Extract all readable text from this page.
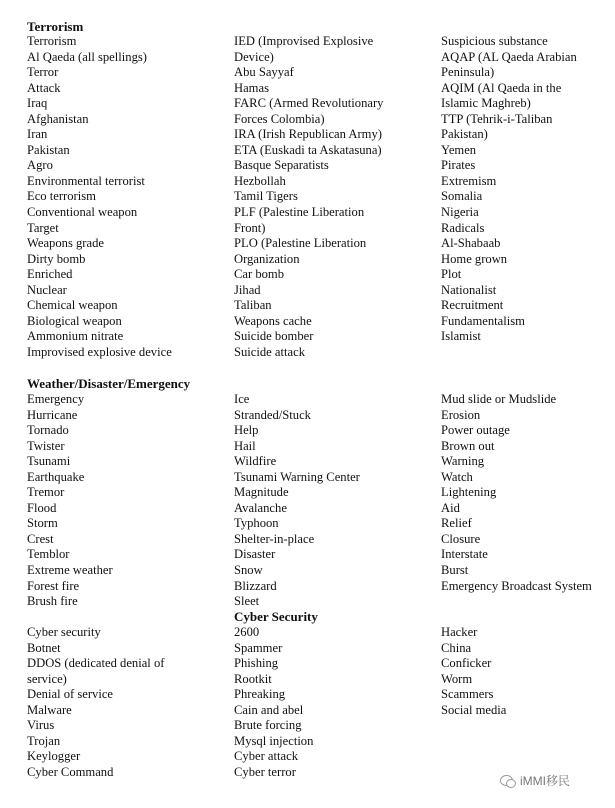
Terrorism
Terrorism
Al Qaeda (all spellings)
Terror
Attack
Iraq
Afghanistan
Iran
Pakistan
Agro
Environmental terrorist
Eco terrorism
Conventional weapon
Target
Weapons grade
Dirty bomb
Enriched
Nuclear
Chemical weapon
Biological weapon
Ammonium nitrate
Improvised explosive device
IED (Improvised Explosive
Device)
Abu Sayyaf
Hamas
FARC (Armed Revolutionary
Forces Colombia)
IRA (Irish Republican Army)
ETA (Euskadi ta Askatasuna)
Basque Separatists
Hezbollah
Tamil Tigers
PLF (Palestine Liberation
Front)
PLO (Palestine Liberation
Organization
Car bomb
Jihad
Taliban
Weapons cache
Suicide bomber
Suicide attack
Suspicious substance
AQAP (AL Qaeda Arabian
Peninsula)
AQIM (Al Qaeda in the
Islamic Maghreb)
TTP (Tehrik-i-Taliban
Pakistan)
Yemen
Pirates
Extremism
Somalia
Nigeria
Radicals
Al-Shabaab
Home grown
Plot
Nationalist
Recruitment
Fundamentalism
Islamist
Weather/Disaster/Emergency
Emergency
Hurricane
Tornado
Twister
Tsunami
Earthquake
Tremor
Flood
Storm
Crest
Temblor
Extreme weather
Forest fire
Brush fire
Ice
Stranded/Stuck
Help
Hail
Wildfire
Tsunami Warning Center
Magnitude
Avalanche
Typhoon
Shelter-in-place
Disaster
Snow
Blizzard
Sleet
Mud slide or Mudslide
Erosion
Power outage
Brown out
Warning
Watch
Lightening
Aid
Relief
Closure
Interstate
Burst
Emergency Broadcast System
Cyber Security
Cyber security
Botnet
DDOS (dedicated denial of
service)
Denial of service
Malware
Virus
Trojan
Keylogger
Cyber Command
2600
Spammer
Phishing
Rootkit
Phreaking
Cain and abel
Brute forcing
Mysql injection
Cyber attack
Cyber terror
Hacker
China
Conficker
Worm
Scammers
Social media
iMMI移民
